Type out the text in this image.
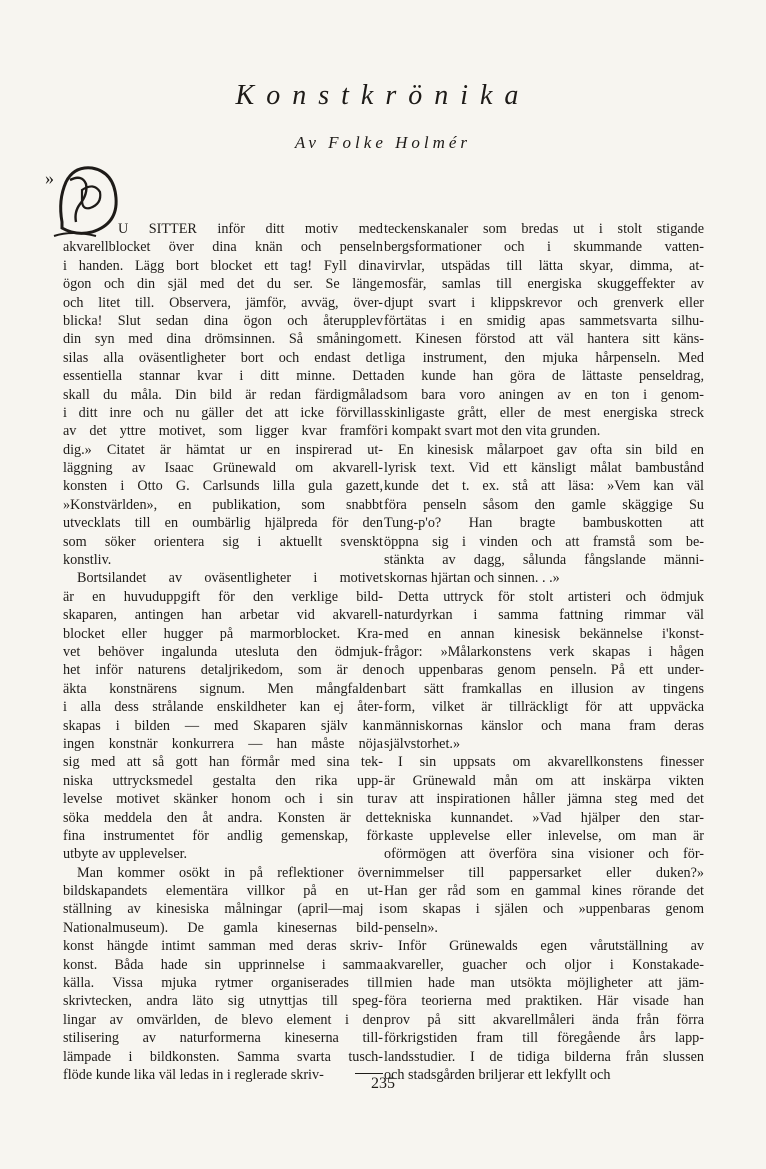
Konstkrönika
Av Folke Holmér
»
U SITTER inför ditt motiv med
akvarellblocket över dina knän och penseln
i handen. Lägg bort blocket ett tag! Fyll dina
ögon och din själ med det du ser. Se länge
och litet till. Observera, jämför, avväg, över-
blicka! Slut sedan dina ögon och återupplev
din syn med dina drömsinnen. Så småningom
silas alla oväsentligheter bort och endast det
essentiella stannar kvar i ditt minne. Detta
skall du måla. Din bild är redan färdigmålad
i ditt inre och nu gäller det att icke förvillas
av det yttre motivet, som ligger kvar framför
dig.» Citatet är hämtat ur en inspirerad ut-
läggning av Isaac Grünewald om akvarell-
konsten i Otto G. Carlsunds lilla gula gazett,
»Konstvärlden», en publikation, som snabbt
utvecklats till en oumbärlig hjälpreda för den
som söker orientera sig i aktuellt svenskt
konstliv.
Bortsilandet av oväsentligheter i motivet
är en huvuduppgift för den verklige bild-
skaparen, antingen han arbetar vid akvarell-
blocket eller hugger på marmorblocket. Kra-
vet behöver ingalunda utesluta den ödmjuk-
het inför naturens detaljrikedom, som är den
äkta konstnärens signum. Men mångfalden
i alla dess strålande enskildheter kan ej åter-
skapas i bilden — med Skaparen själv kan
ingen konstnär konkurrera — han måste nöja
sig med att så gott han förmår med sina tek-
niska uttrycksmedel gestalta den rika upp-
levelse motivet skänker honom och i sin tur
söka meddela den åt andra. Konsten är det
fina instrumentet för andlig gemenskap, för
utbyte av upplevelser.
Man kommer osökt in på reflektioner över
bildskapandets elementära villkor på en ut-
ställning av kinesiska målningar (april—maj i
Nationalmuseum). De gamla kinesernas bild-
konst hängde intimt samman med deras skriv-
konst. Båda hade sin upprinnelse i samma
källa. Vissa mjuka rytmer organiserades till
skrivtecken, andra läto sig utnyttjas till speg-
lingar av omvärlden, de blevo element i den
stilisering av naturformerna kineserna till-
lämpade i bildkonsten. Samma svarta tusch-
flöde kunde lika väl ledas in i reglerade skriv-
teckenskanaler som bredas ut i stolt stigande
bergsformationer och i skummande vatten-
virvlar, utspädas till lätta skyar, dimma, at-
mosfär, samlas till energiska skuggeffekter av
djupt svart i klippskrevor och grenverk eller
förtätas i en smidig apas sammetsvarta silhu-
ett. Kinesen förstod att väl hantera sitt käns-
liga instrument, den mjuka hårpenseln. Med
den kunde han göra de lättaste penseldrag,
som bara voro aningen av en ton i genom-
skinligaste grått, eller de mest energiska streck
i kompakt svart mot den vita grunden.
En kinesisk målarpoet gav ofta sin bild en
lyrisk text. Vid ett känsligt målat bambustånd
kunde det t. ex. stå att läsa: »Vem kan väl
föra penseln såsom den gamle skäggige Su
Tung-p'o? Han bragte bambuskotten att
öppna sig i vinden och att framstå som be-
stänkta av dagg, sålunda fångslande männi-
skornas hjärtan och sinnen. . .»
Detta uttryck för stolt artisteri och ödmjuk
naturdyrkan i samma fattning rimmar väl
med en annan kinesisk bekännelse i'konst-
frågor: »Målarkonstens verk skapas i hågen
och uppenbaras genom penseln. På ett under-
bart sätt framkallas en illusion av tingens
form, vilket är tillräckligt för att uppväcka
människornas känslor och mana fram deras
självstorhet.»
I sin uppsats om akvarellkonstens finesser
är Grünewald mån om att inskärpa vikten
av att inspirationen håller jämna steg med det
tekniska kunnandet. »Vad hjälper den star-
kaste upplevelse eller inlevelse, om man är
oförmögen att överföra sina visioner och för-
nimmelser till pappersarket eller duken?»
Han ger råd som en gammal kines rörande det
som skapas i själen och »uppenbaras genom
penseln».
Inför Grünewalds egen vårutställning av
akvareller, guacher och oljor i Konstakade-
mien hade man utsökta möjligheter att jäm-
föra teorierna med praktiken. Här visade han
prov på sitt akvarellmåleri ända från förra
förkrigstiden fram till föregående års lapp-
landsstudier. I de tidiga bilderna från slussen
och stadsgården briljerar ett lekfyllt och
235
